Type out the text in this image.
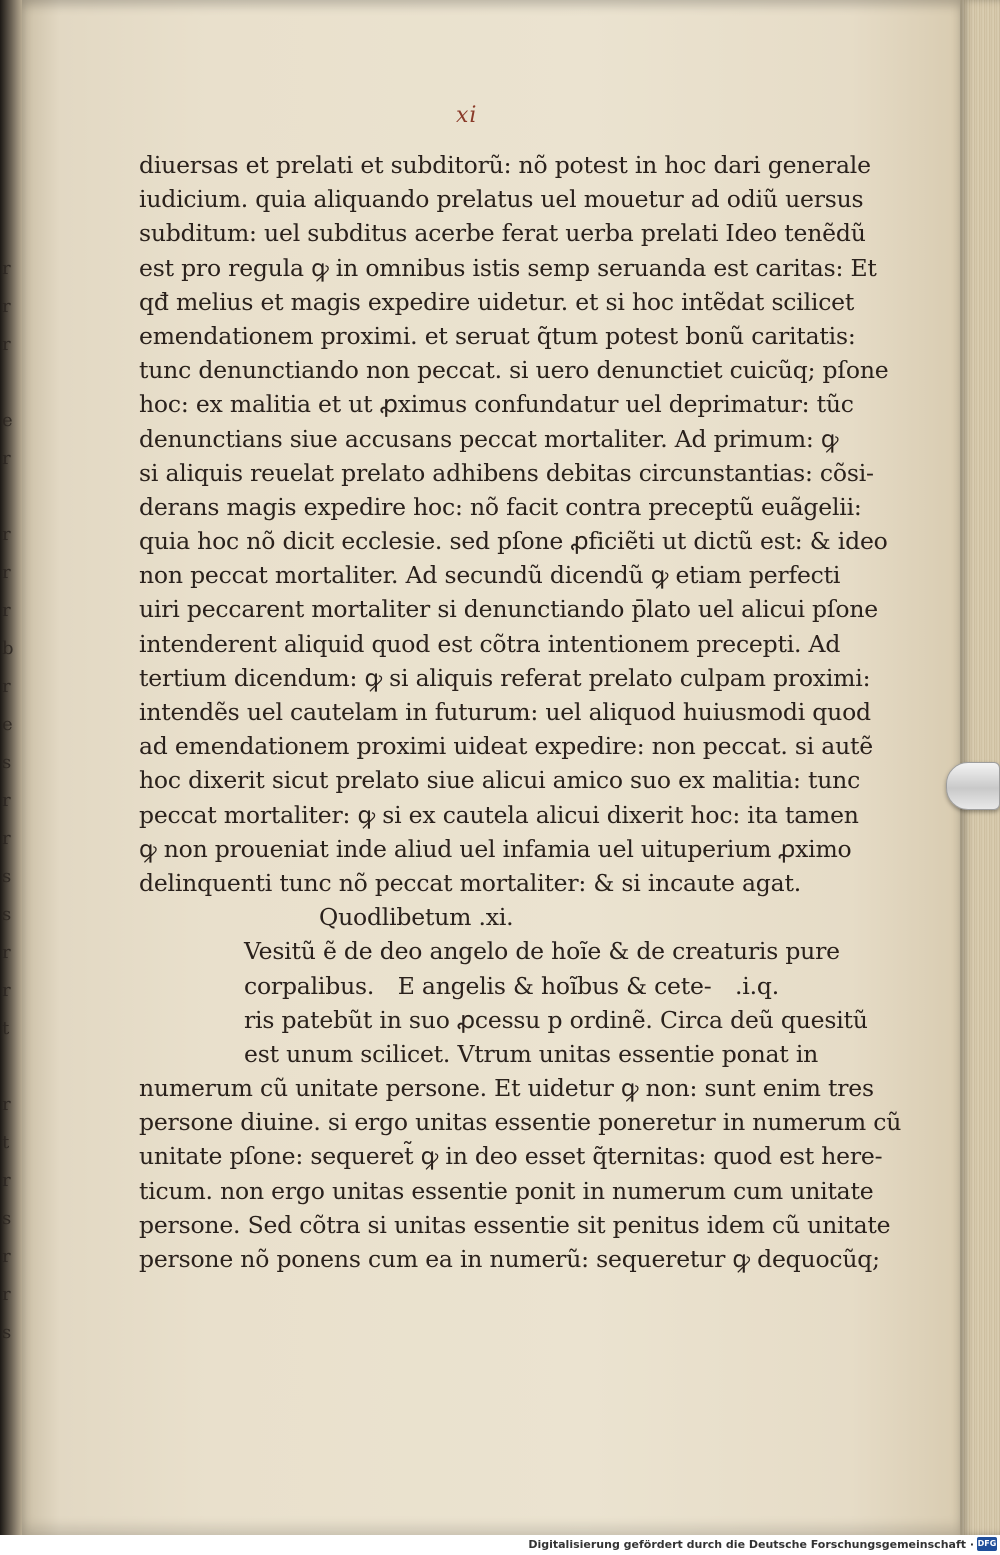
r
r
r

e
r

r
r
r
b
r
e
s
r
r
s
s
r
r
t

r
t
r
s
r
r
s
xi
diuersas et prelati et subditorũ: nõ potest in hoc dari generale
iudicium. quia aliquando prelatus uel mouetur ad odiũ uersus
subditum: uel subditus acerbe ferat uerba prelati Ideo tenẽdũ
est pro regula ꝙ in omnibus istis semp seruanda est caritas: Et
qđ melius et magis expedire uidetur. et si hoc intẽdat scilicet
emendationem proximi. et seruat q̃tum potest bonũ caritatis:
tunc denunctiando non peccat. si uero denunctiet cuicũq; pſone
hoc: ex malitia et ut ꝓximus confundatur uel deprimatur: tũc
denunctians siue accusans peccat mortaliter. Ad primum: ꝙ
si aliquis reuelat prelato adhibens debitas circunstantias: cõsi-
derans magis expedire hoc: nõ facit contra preceptũ euãgelii:
quia hoc nõ dicit ecclesie. sed pſone ꝓficiẽti ut dictũ est: & ideo
non peccat mortaliter. Ad secundũ dicendũ ꝙ etiam perfecti
uiri peccarent mortaliter si denunctiando p̄lato uel alicui pſone
intenderent aliquid quod est cõtra intentionem precepti. Ad
tertium dicendum: ꝙ si aliquis referat prelato culpam proximi:
intendẽs uel cautelam in futurum: uel aliquod huiusmodi quod
ad emendationem proximi uideat expedire: non peccat. si autẽ
hoc dixerit sicut prelato siue alicui amico suo ex malitia: tunc
peccat mortaliter: ꝙ si ex cautela alicui dixerit hoc: ita tamen
ꝙ non proueniat inde aliud uel infamia uel uituperium ꝓximo
delinquenti tunc nõ peccat mortaliter: & si incaute agat.
Quodlibetum .xi.
Vesitũ ẽ de deo angelo de hoĩe & de creaturis pure
corpalibus. E angelis & hoĩbus & cete- .i.q.
ris patebũt in suo ꝓcessu p ordinẽ. Circa deũ quesitũ
est unum scilicet. Vtrum unitas essentie ponat in
numerum cũ unitate persone. Et uidetur ꝙ non: sunt enim tres
persone diuine. si ergo unitas essentie poneretur in numerum cũ
unitate pſone: sequeret̃ ꝙ in deo esset q̃ternitas: quod est here-
ticum. non ergo unitas essentie ponit in numerum cum unitate
persone. Sed cõtra si unitas essentie sit penitus idem cũ unitate
persone nõ ponens cum ea in numerũ: sequeretur ꝙ dequocũq;
Digitalisierung gefördert durch die Deutsche Forschungsgemeinschaft · DFG
